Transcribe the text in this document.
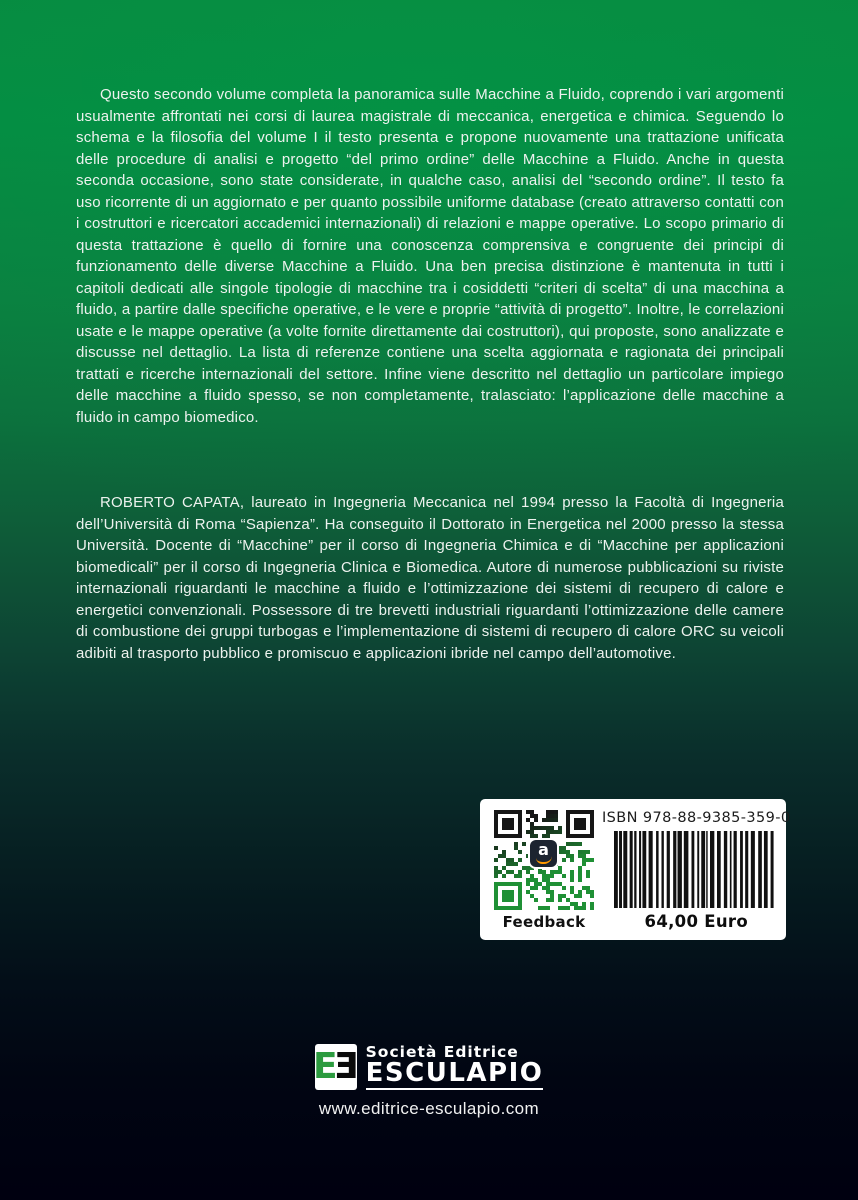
Questo secondo volume completa la panoramica sulle Macchine a Fluido, coprendo i vari argomenti usualmente affrontati nei corsi di laurea magistrale di meccanica, energetica e chimica. Seguendo lo schema e la filosofia del volume I il testo presenta e propone nuovamente una trattazione unificata delle procedure di analisi e progetto “del primo ordine” delle Macchine a Fluido. Anche in questa seconda occasione, sono state considerate, in qualche caso, analisi del “secondo ordine”. Il testo fa uso ricorrente di un aggiornato e per quanto possibile uniforme database (creato attraverso contatti con i costruttori e ricercatori accademici internazionali) di relazioni e mappe operative. Lo scopo primario di questa trattazione è quello di fornire una conoscenza comprensiva e congruente dei principi di funzionamento delle diverse Macchine a Fluido. Una ben precisa distinzione è mantenuta in tutti i capitoli dedicati alle singole tipologie di macchine tra i cosiddetti “criteri di scelta” di una macchina a fluido, a partire dalle specifiche operative, e le vere e proprie “attività di progetto”. Inoltre, le correlazioni usate e le mappe operative (a volte fornite direttamente dai costruttori), qui proposte, sono analizzate e discusse nel dettaglio. La lista di referenze contiene una scelta aggiornata e ragionata dei principali trattati e ricerche internazionali del settore. Infine viene descritto nel dettaglio un particolare impiego delle macchine a fluido spesso, se non completamente, tralasciato: l’applicazione delle macchine a fluido in campo biomedico.

ROBERTO CAPATA, laureato in Ingegneria Meccanica nel 1994 presso la Facoltà di Ingegneria dell’Università di Roma “Sapienza”. Ha conseguito il Dottorato in Energetica nel 2000 presso la stessa Università. Docente di “Macchine” per il corso di Ingegneria Chimica e di “Macchine per applicazioni biomedicali” per il corso di Ingegneria Clinica e Biomedica. Autore di numerose pubblicazioni su riviste internazionali riguardanti le macchine a fluido e l’ottimizzazione dei sistemi di recupero di calore e energetici convenzionali. Possessore di tre brevetti industriali riguardanti l’ottimizzazione delle camere di combustione dei gruppi turbogas e l’implementazione di sistemi di recupero di calore ORC su veicoli adibiti al trasporto pubblico e promiscuo e applicazioni ibride nel campo dell’automotive.

a
Feedback
ISBN 978-88-9385-359-0
64,00 Euro
E Ǝ Società Editrice
ESCULAPIO
www.editrice-esculapio.com
